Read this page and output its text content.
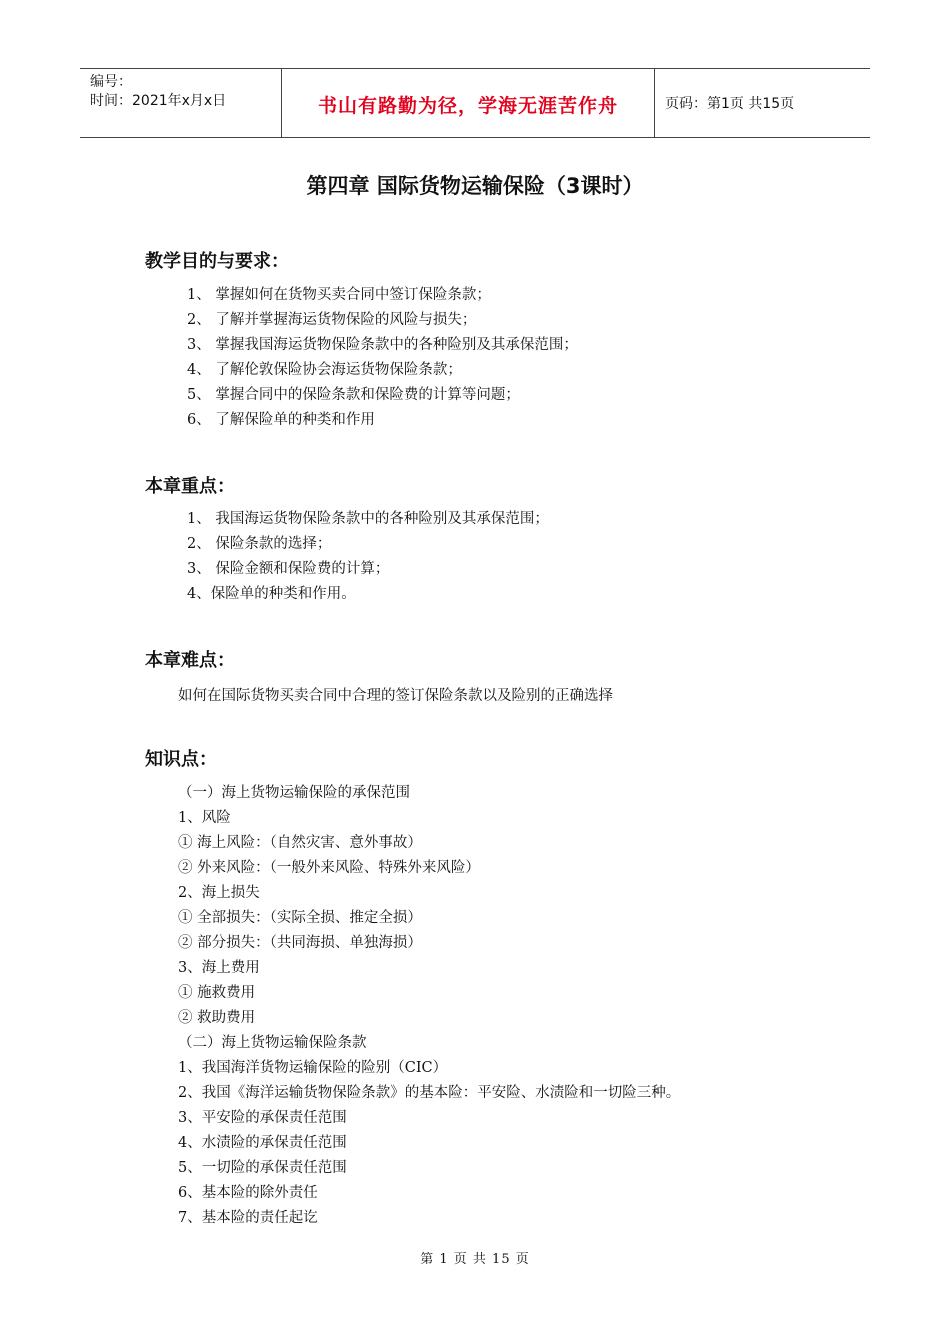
编号：
时间：2021年x月x日	书山有路勤为径，学海无涯苦作舟	页码：第1页 共15页
第四章 国际货物运输保险（3课时）
教学目的与要求：
1、 掌握如何在货物买卖合同中签订保险条款；
2、 了解并掌握海运货物保险的风险与损失；
3、 掌握我国海运货物保险条款中的各种险别及其承保范围；
4、 了解伦敦保险协会海运货物保险条款；
5、 掌握合同中的保险条款和保险费的计算等问题；
6、 了解保险单的种类和作用
本章重点：
1、 我国海运货物保险条款中的各种险别及其承保范围；
2、 保险条款的选择；
3、 保险金额和保险费的计算；
4、保险单的种类和作用。
本章难点：
如何在国际货物买卖合同中合理的签订保险条款以及险别的正确选择
知识点：
（一）海上货物运输保险的承保范围
1、风险
① 海上风险：（自然灾害、意外事故）
② 外来风险：（一般外来风险、特殊外来风险）
2、海上损失
① 全部损失：（实际全损、推定全损）
② 部分损失：（共同海损、单独海损）
3、海上费用
① 施救费用
② 救助费用
（二）海上货物运输保险条款
1、我国海洋货物运输保险的险别（CIC）
2、我国《海洋运输货物保险条款》的基本险：平安险、水渍险和一切险三种。
3、平安险的承保责任范围
4、水渍险的承保责任范围
5、一切险的承保责任范围
6、基本险的除外责任
7、基本险的责任起讫
第 1 页 共 15 页
